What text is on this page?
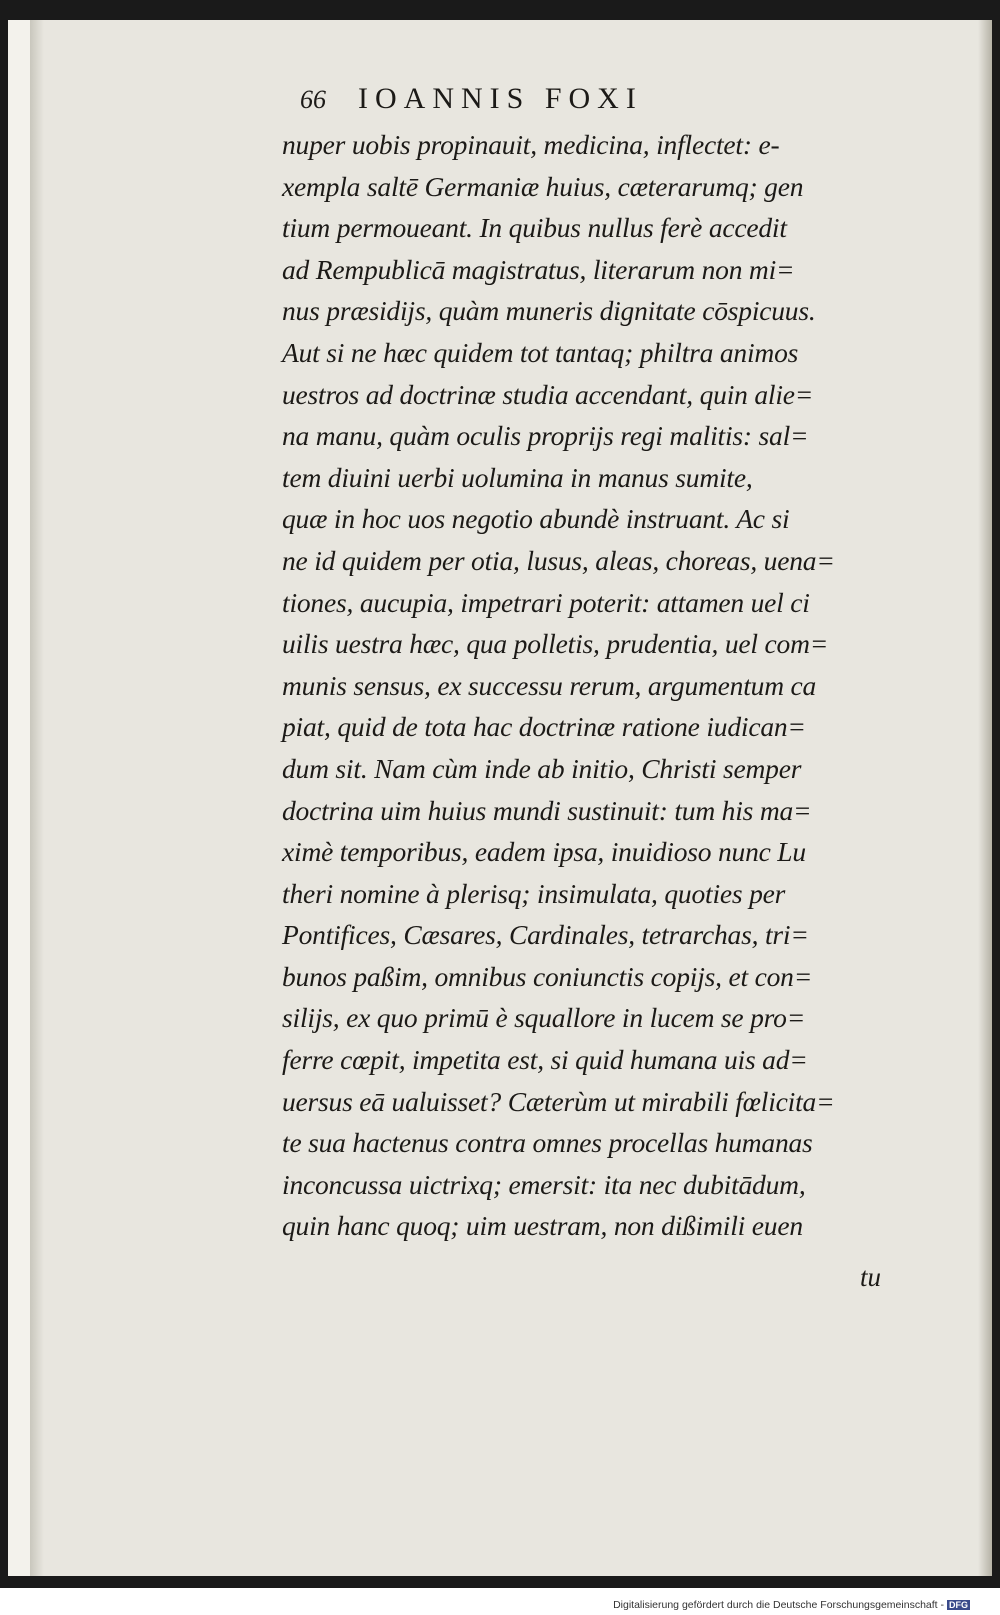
66 IOANNIS FOXI
nuper uobis propinauit, medicina, inflectet: e-
xempla saltē Germaniæ huius, cæterarumq; gen
tium permoueant. In quibus nullus ferè accedit
ad Rempublicā magistratus, literarum non mi=
nus præsidijs, quàm muneris dignitate cōspicuus.
Aut si ne hæc quidem tot tantaq; philtra animos
uestros ad doctrinæ studia accendant, quin alie=
na manu, quàm oculis proprijs regi malitis: sal=
tem diuini uerbi uolumina in manus sumite,
quæ in hoc uos negotio abundè instruant. Ac si
ne id quidem per otia, lusus, aleas, choreas, uena=
tiones, aucupia, impetrari poterit: attamen uel ci
uilis uestra hæc, qua polletis, prudentia, uel com=
munis sensus, ex successu rerum, argumentum ca
piat, quid de tota hac doctrinæ ratione iudican=
dum sit. Nam cùm inde ab initio, Christi semper
doctrina uim huius mundi sustinuit: tum his ma=
ximè temporibus, eadem ipsa, inuidioso nunc Lu
theri nomine à plerisq; insimulata, quoties per
Pontifices, Cæsares, Cardinales, tetrarchas, tri=
bunos paßim, omnibus coniunctis copijs, et con=
silijs, ex quo primū è squallore in lucem se pro=
ferre cœpit, impetita est, si quid humana uis ad=
uersus eā ualuisset? Cæterùm ut mirabili fœlicita=
te sua hactenus contra omnes procellas humanas
inconcussa uictrixq; emersit: ita nec dubitādum,
quin hanc quoq; uim uestram, non dißimili euen
tu
Digitalisierung gefördert durch die Deutsche Forschungsgemeinschaft - DFG
